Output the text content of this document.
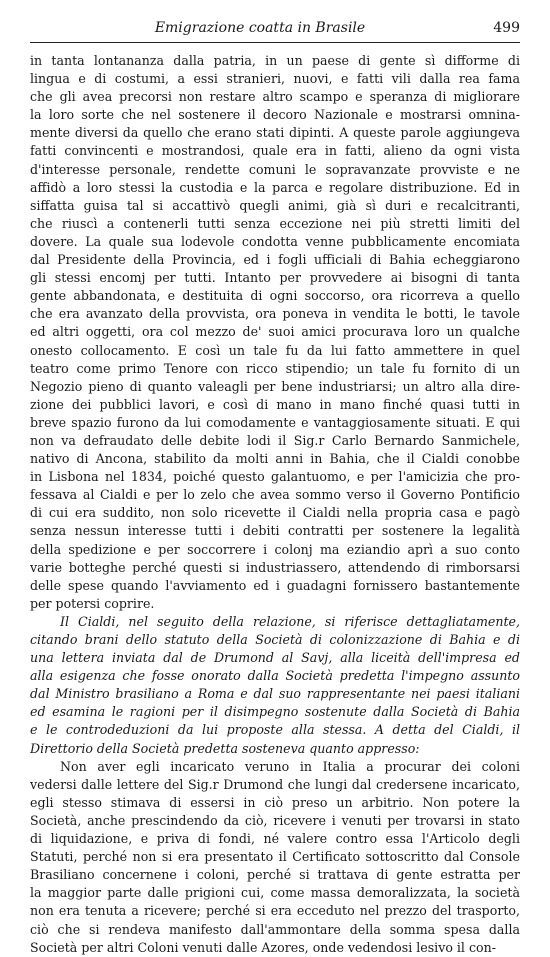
Emigrazione coatta in Brasile	499
in tanta lontananza dalla patria, in un paese di gente sì difforme di
lingua e di costumi, a essi stranieri, nuovi, e fatti vili dalla rea fama
che gli avea precorsi non restare altro scampo e speranza di migliorare
la loro sorte che nel sostenere il decoro Nazionale e mostrarsi omnina-
mente diversi da quello che erano stati dipinti. A queste parole aggiungeva
fatti convincenti e mostrandosi, quale era in fatti, alieno da ogni vista
d'interesse personale, rendette comuni le sopravanzate provviste e ne
affidò a loro stessi la custodia e la parca e regolare distribuzione. Ed in
siffatta guisa tal si accattivò quegli animi, già sì duri e recalcitranti,
che riuscì a contenerli tutti senza eccezione nei più stretti limiti del
dovere. La quale sua lodevole condotta venne pubblicamente encomiata
dal Presidente della Provincia, ed i fogli ufficiali di Bahia echeggiarono
gli stessi encomj per tutti. Intanto per provvedere ai bisogni di tanta
gente abbandonata, e destituita di ogni soccorso, ora ricorreva a quello
che era avanzato della provvista, ora poneva in vendita le botti, le tavole
ed altri oggetti, ora col mezzo de' suoi amici procurava loro un qualche
onesto collocamento. E così un tale fu da lui fatto ammettere in quel
teatro come primo Tenore con ricco stipendio; un tale fu fornito di un
Negozio pieno di quanto valeagli per bene industriarsi; un altro alla dire-
zione dei pubblici lavori, e così di mano in mano finché quasi tutti in
breve spazio furono da lui comodamente e vantaggiosamente situati. E qui
non va defraudato delle debite lodi il Sig.r Carlo Bernardo Sanmichele,
nativo di Ancona, stabilito da molti anni in Bahia, che il Cialdi conobbe
in Lisbona nel 1834, poiché questo galantuomo, e per l'amicizia che pro-
fessava al Cialdi e per lo zelo che avea sommo verso il Governo Pontificio
di cui era suddito, non solo ricevette il Cialdi nella propria casa e pagò
senza nessun interesse tutti i debiti contratti per sostenere la legalità
della spedizione e per soccorrere i colonj ma eziandio aprì a suo conto
varie botteghe perché questi si industriassero, attendendo di rimborsarsi
delle spese quando l'avviamento ed i guadagni fornissero bastantemente
per potersi coprire.
Il Cialdi, nel seguito della relazione, si riferisce dettagliatamente,
citando brani dello statuto della Società di colonizzazione di Bahia e di
una lettera inviata dal de Drumond al Savj, alla liceità dell'impresa ed
alla esigenza che fosse onorato dalla Società predetta l'impegno assunto
dal Ministro brasiliano a Roma e dal suo rappresentante nei paesi italiani
ed esamina le ragioni per il disimpegno sostenute dalla Società di Bahia
e le controdeduzioni da lui proposte alla stessa. A detta del Cialdi, il
Direttorio della Società predetta sosteneva quanto appresso:
Non aver egli incaricato veruno in Italia a procurar dei coloni
vedersi dalle lettere del Sig.r Drumond che lungi dal credersene incaricato,
egli stesso stimava di essersi in ciò preso un arbitrio. Non potere la
Società, anche prescindendo da ciò, ricevere i venuti per trovarsi in stato
di liquidazione, e priva di fondi, né valere contro essa l'Articolo degli
Statuti, perché non si era presentato il Certificato sottoscritto dal Console
Brasiliano concernene i coloni, perché si trattava di gente estratta per
la maggior parte dalle prigioni cui, come massa demoralizzata, la società
non era tenuta a ricevere; perché si era ecceduto nel prezzo del trasporto,
ciò che si rendeva manifesto dall'ammontare della somma spesa dalla
Società per altri Coloni venuti dalle Azores, onde vedendosi lesivo il con-
